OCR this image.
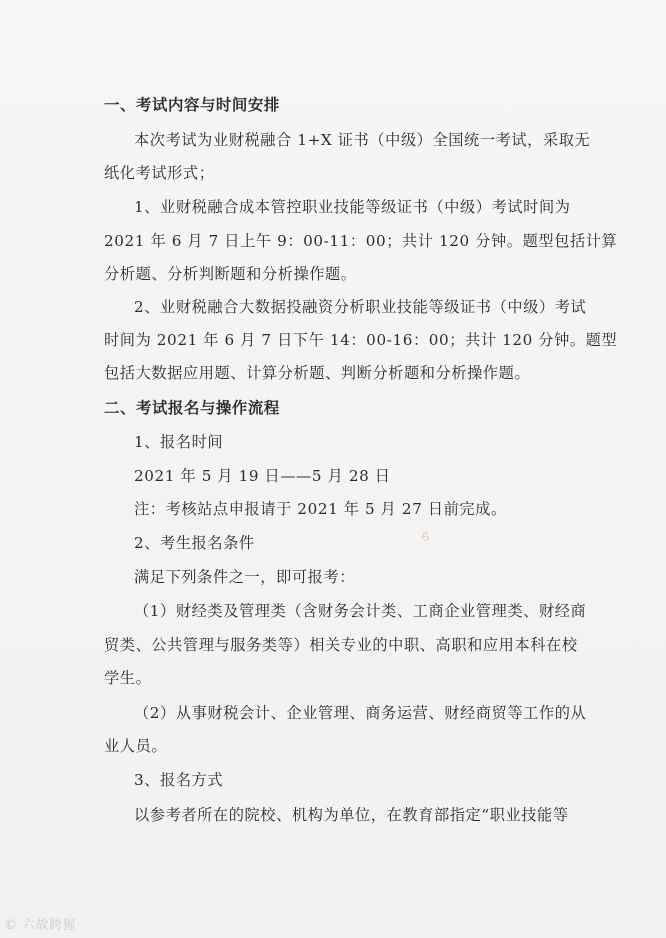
一、考试内容与时间安排
本次考试为业财税融合 1+X 证书（中级）全国统一考试，采取无
纸化考试形式；
1、业财税融合成本管控职业技能等级证书（中级）考试时间为
2021 年 6 月 7 日上午 9：00-11：00；共计 120 分钟。题型包括计算
分析题、分析判断题和分析操作题。
2、业财税融合大数据投融资分析职业技能等级证书（中级）考试
时间为 2021 年 6 月 7 日下午 14：00-16：00；共计 120 分钟。题型
包括大数据应用题、计算分析题、判断分析题和分析操作题。
二、考试报名与操作流程
1、报名时间
2021 年 5 月 19 日——5 月 28 日
注：考核站点申报请于 2021 年 5 月 27 日前完成。
ら
2、考生报名条件
满足下列条件之一，即可报考：
（1）财经类及管理类（含财务会计类、工商企业管理类、财经商
贸类、公共管理与服务类等）相关专业的中职、高职和应用本科在校
学生。
（2）从事财税会计、企业管理、商务运营、财经商贸等工作的从
业人员。
3、报名方式
以参考者所在的院校、机构为单位，在教育部指定“职业技能等
© 六故跨猩
